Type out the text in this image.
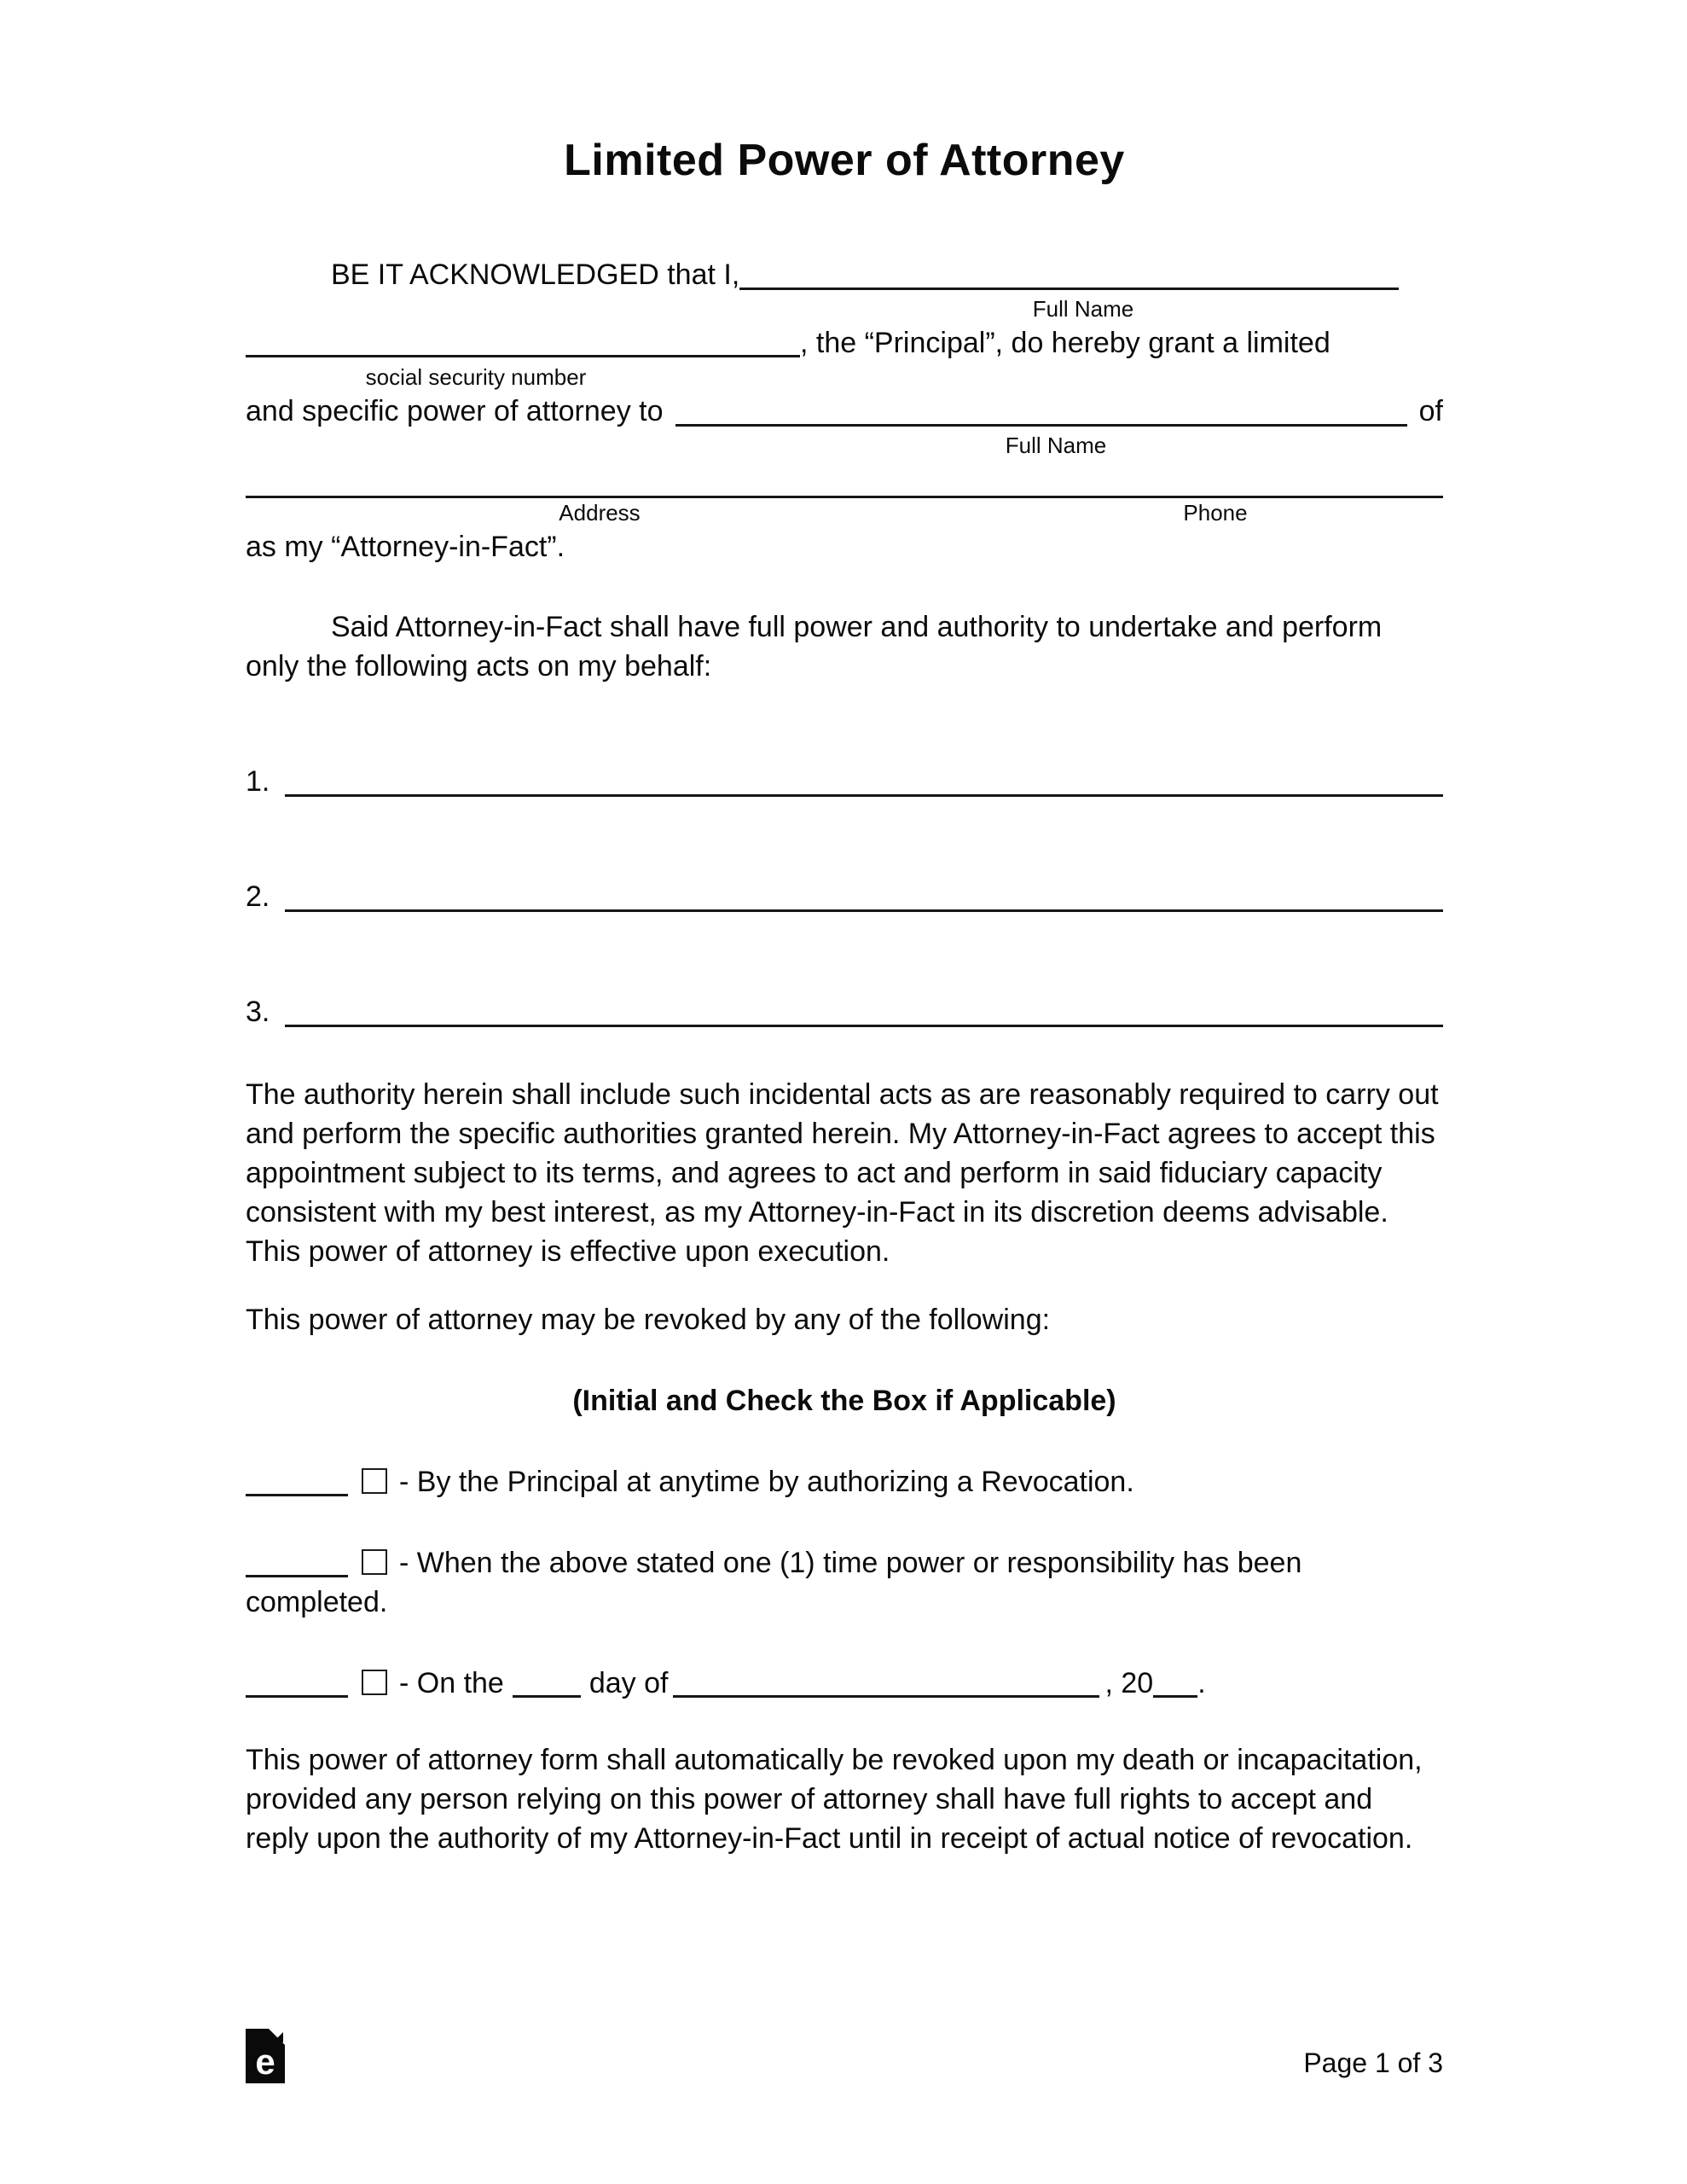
Limited Power of Attorney
BE IT ACKNOWLEDGED that I,
Full Name
, the “Principal”, do hereby grant a limited
social security number
and specific power of attorney to	of
Full Name
Address	Phone
as my “Attorney-in-Fact”.
Said Attorney-in-Fact shall have full power and authority to undertake and perform only the following acts on my behalf:
1.
2.
3.
The authority herein shall include such incidental acts as are reasonably required to carry out and perform the specific authorities granted herein. My Attorney-in-Fact agrees to accept this appointment subject to its terms, and agrees to act and perform in said fiduciary capacity consistent with my best interest, as my Attorney-in-Fact in its discretion deems advisable. This power of attorney is effective upon execution.
This power of attorney may be revoked by any of the following:
(Initial and Check the Box if Applicable)
- By the Principal at anytime by authorizing a Revocation.
- When the above stated one (1) time power or responsibility has been completed.
- On the	day of	, 20 .
This power of attorney form shall automatically be revoked upon my death or incapacitation, provided any person relying on this power of attorney shall have full rights to accept and reply upon the authority of my Attorney-in-Fact until in receipt of actual notice of revocation.
e	Page 1 of 3
